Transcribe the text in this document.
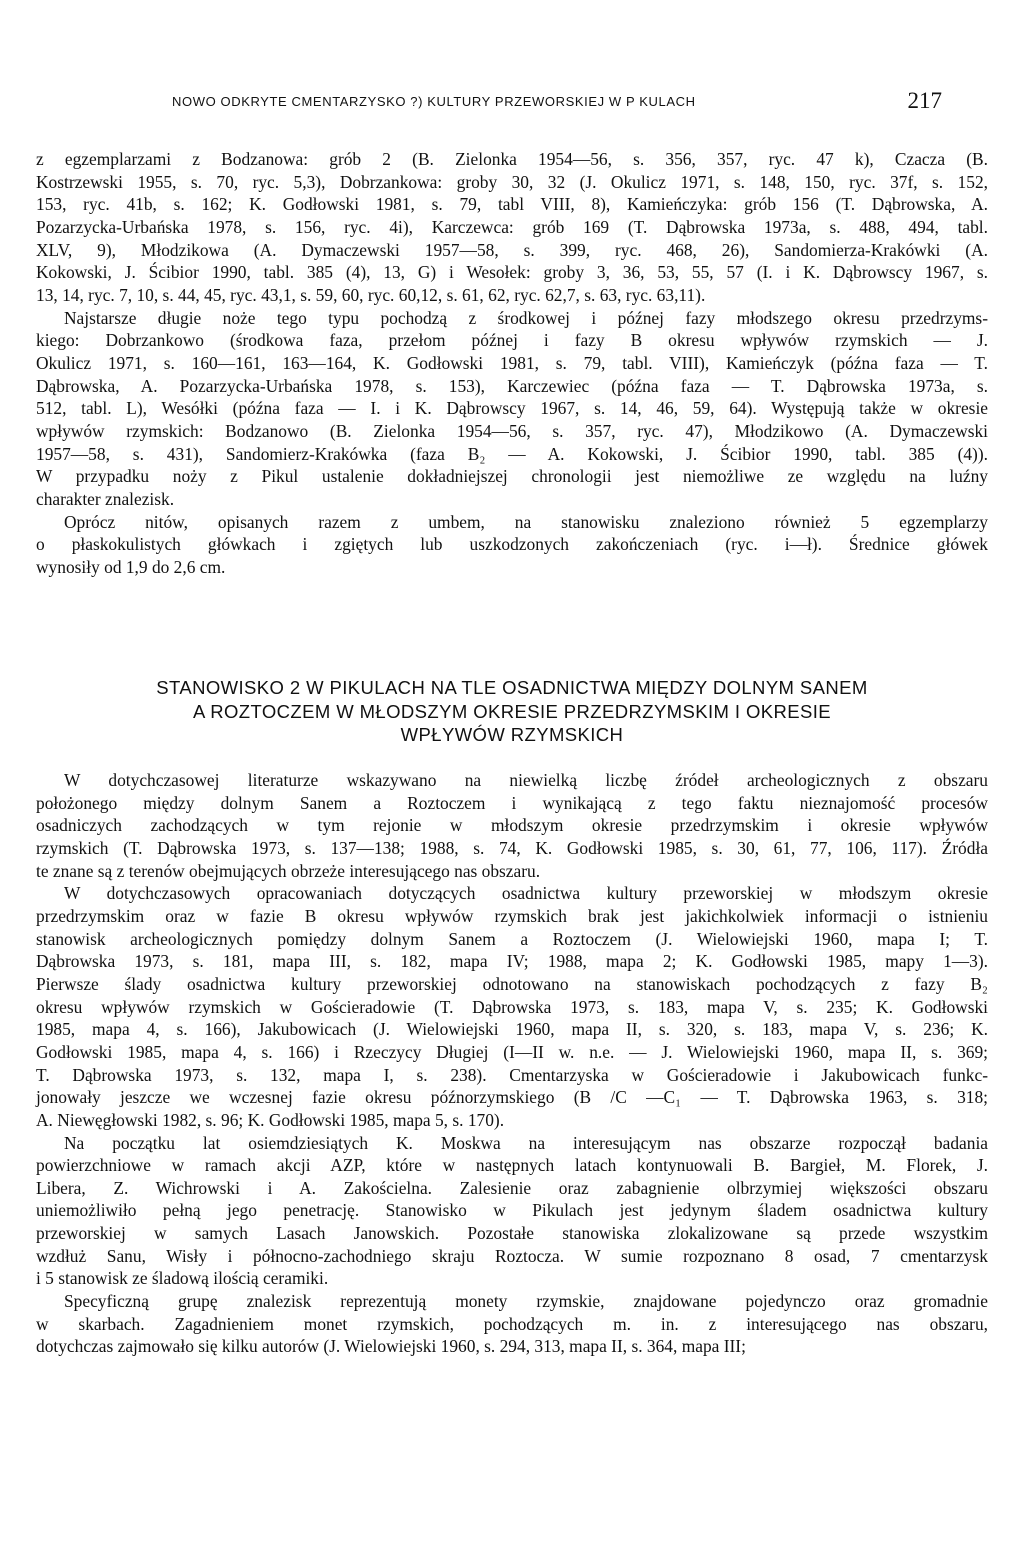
NOWO ODKRYTE CMENTARZYSKO ?) KULTURY PRZEWORSKIEJ W P KULACH	217

z egzemplarzami z Bodzanowa: grób 2 (B. Zielonka 1954—56, s. 356, 357, ryc. 47 k), Czacza (B.
Kostrzewski 1955, s. 70, ryc. 5,3), Dobrzankowa: groby 30, 32 (J. Okulicz 1971, s. 148, 150, ryc. 37f, s. 152,
153, ryc. 41b, s. 162; K. Godłowski 1981, s. 79, tabl VIII, 8), Kamieńczyka: grób 156 (T. Dąbrowska, A.
Pozarzycka-Urbańska 1978, s. 156, ryc. 4i), Karczewca: grób 169 (T. Dąbrowska 1973a, s. 488, 494, tabl.
XLV, 9), Młodzikowa (A. Dymaczewski 1957—58, s. 399, ryc. 468, 26), Sandomierza-Krakówki (A.
Kokowski, J. Ścibior 1990, tabl. 385 (4), 13, G) i Wesołek: groby 3, 36, 53, 55, 57 (I. i K. Dąbrowscy 1967, s.
13, 14, ryc. 7, 10, s. 44, 45, ryc. 43,1, s. 59, 60, ryc. 60,12, s. 61, 62, ryc. 62,7, s. 63, ryc. 63,11).

Najstarsze długie noże tego typu pochodzą z środkowej i późnej fazy młodszego okresu przedrzyms-
kiego: Dobrzankowo (środkowa faza, przełom późnej i fazy B okresu wpływów rzymskich — J.
Okulicz 1971, s. 160—161, 163—164, K. Godłowski 1981, s. 79, tabl. VIII), Kamieńczyk (późna faza — T.
Dąbrowska, A. Pozarzycka-Urbańska 1978, s. 153), Karczewiec (późna faza — T. Dąbrowska 1973a, s.
512, tabl. L), Wesółki (późna faza — I. i K. Dąbrowscy 1967, s. 14, 46, 59, 64). Występują także w okresie
wpływów rzymskich: Bodzanowo (B. Zielonka 1954—56, s. 357, ryc. 47), Młodzikowo (A. Dymaczewski
1957—58, s. 431), Sandomierz-Krakówka (faza B₂ — A. Kokowski, J. Ścibior 1990, tabl. 385 (4)).
W przypadku noży z Pikul ustalenie dokładniejszej chronologii jest niemożliwe ze względu na luźny
charakter znalezisk.

Oprócz nitów, opisanych razem z umbem, na stanowisku znaleziono również 5 egzemplarzy
o płaskokulistych główkach i zgiętych lub uszkodzonych zakończeniach (ryc. i—ł). Średnice główek
wynosiły od 1,9 do 2,6 cm.

STANOWISKO 2 W PIKULACH NA TLE OSADNICTWA MIĘDZY DOLNYM SANEM
A ROZTOCZEM W MŁODSZYM OKRESIE PRZEDRZYMSKIM I OKRESIE
WPŁYWÓW RZYMSKICH

W dotychczasowej literaturze wskazywano na niewielką liczbę źródeł archeologicznych z obszaru
położonego między dolnym Sanem a Roztoczem i wynikającą z tego faktu nieznajomość procesów
osadniczych zachodzących w tym rejonie w młodszym okresie przedrzymskim i okresie wpływów
rzymskich (T. Dąbrowska 1973, s. 137—138; 1988, s. 74, K. Godłowski 1985, s. 30, 61, 77, 106, 117). Źródła
te znane są z terenów obejmujących obrzeże interesującego nas obszaru.

W dotychczasowych opracowaniach dotyczących osadnictwa kultury przeworskiej w młodszym okresie
przedrzymskim oraz w fazie B okresu wpływów rzymskich brak jest jakichkolwiek informacji o istnieniu
stanowisk archeologicznych pomiędzy dolnym Sanem a Roztoczem (J. Wielowiejski 1960, mapa I; T.
Dąbrowska 1973, s. 181, mapa III, s. 182, mapa IV; 1988, mapa 2; K. Godłowski 1985, mapy 1—3).
Pierwsze ślady osadnictwa kultury przeworskiej odnotowano na stanowiskach pochodzących z fazy B₂
okresu wpływów rzymskich w Gościeradowie (T. Dąbrowska 1973, s. 183, mapa V, s. 235; K. Godłowski
1985, mapa 4, s. 166), Jakubowicach (J. Wielowiejski 1960, mapa II, s. 320, s. 183, mapa V, s. 236; K.
Godłowski 1985, mapa 4, s. 166) i Rzeczycy Długiej (I—II w. n.e. — J. Wielowiejski 1960, mapa II, s. 369;
T. Dąbrowska 1973, s. 132, mapa I, s. 238). Cmentarzyska w Gościeradowie i Jakubowicach funkc-
jonowały jeszcze we wczesnej fazie okresu późnorzymskiego (B /C —C₁ — T. Dąbrowska 1963, s. 318;
A. Niewęgłowski 1982, s. 96; K. Godłowski 1985, mapa 5, s. 170).

Na początku lat osiemdziesiątych K. Moskwa na interesującym nas obszarze rozpoczął badania
powierzchniowe w ramach akcji AZP, które w następnych latach kontynuowali B. Bargieł, M. Florek, J.
Libera, Z. Wichrowski i A. Zakościelna. Zalesienie oraz zabagnienie olbrzymiej większości obszaru
uniemożliwiło pełną jego penetrację. Stanowisko w Pikulach jest jedynym śladem osadnictwa kultury
przeworskiej w samych Lasach Janowskich. Pozostałe stanowiska zlokalizowane są przede wszystkim
wzdłuż Sanu, Wisły i północno-zachodniego skraju Roztocza. W sumie rozpoznano 8 osad, 7 cmentarzysk
i 5 stanowisk ze śladową ilością ceramiki.

Specyficzną grupę znalezisk reprezentują monety rzymskie, znajdowane pojedynczo oraz gromadnie
w skarbach. Zagadnieniem monet rzymskich, pochodzących m. in. z interesującego nas obszaru,
dotychczas zajmowało się kilku autorów (J. Wielowiejski 1960, s. 294, 313, mapa II, s. 364, mapa III;
